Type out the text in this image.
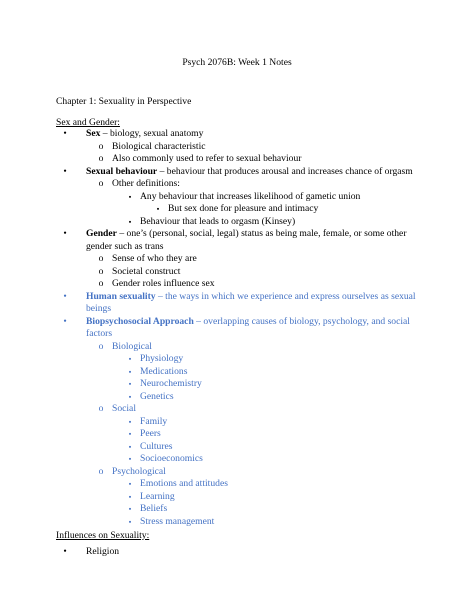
Psych 2076B: Week 1 Notes
Chapter 1: Sexuality in Perspective
Sex and Gender:
•	Sex – biology, sexual anatomy
o Biological characteristic
o Also commonly used to refer to sexual behaviour
•	Sexual behaviour – behaviour that produces arousal and increases chance of orgasm
o Other definitions:
▪ Any behaviour that increases likelihood of gametic union
▪ But sex done for pleasure and intimacy
▪ Behaviour that leads to orgasm (Kinsey)
•	Gender – one’s (personal, social, legal) status as being male, female, or some other gender such as trans
o Sense of who they are
o Societal construct
o Gender roles influence sex
•	Human sexuality – the ways in which we experience and express ourselves as sexual beings
•	Biopsychosocial Approach – overlapping causes of biology, psychology, and social factors
o Biological
▪ Physiology
▪ Medications
▪ Neurochemistry
▪ Genetics
o Social
▪ Family
▪ Peers
▪ Cultures
▪ Socioeconomics
o Psychological
▪ Emotions and attitudes
▪ Learning
▪ Beliefs
▪ Stress management
Influences on Sexuality:
•	Religion
